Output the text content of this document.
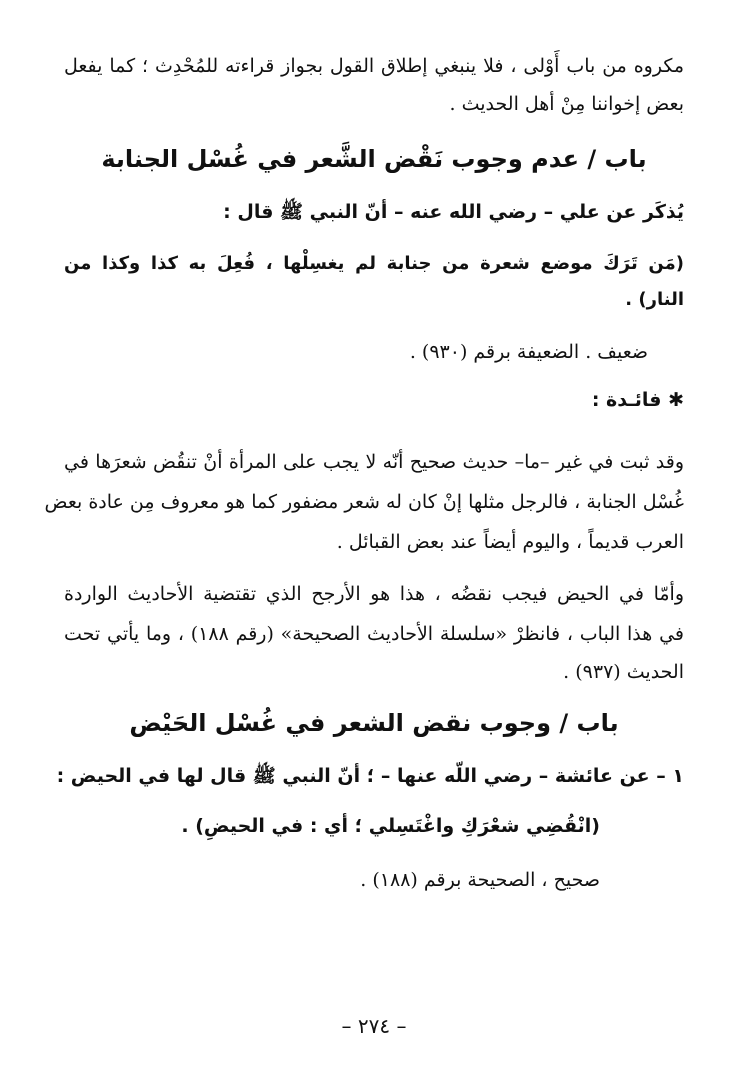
مكروه من باب أَوْلى ، فلا ينبغي إطلاق القول بجواز قراءته للمُحْدِث ؛ كما يفعل
بعض إخواننا مِنْ أهل الحديث .
باب / عدم وجوب نَقْض الشَّعر في غُسْل الجنابة
يُذكَر عن علي – رضي الله عنه – أنّ النبي ﷺ قال :
(مَن تَرَكَ موضع شعرة من جنابة لم يغسِلْها ، فُعِلَ به كذا وكذا من
النار) .
ضعيف . الضعيفة برقم (٩٣٠) .
✱ فائـدة :
وقد ثبت في غير –ما– حديث صحيح أنّه لا يجب على المرأة أنْ تنقُض شعرَها في
غُسْل الجنابة ، فالرجل مثلها إنْ كان له شعر مضفور كما هو معروف مِن عادة بعض
العرب قديماً ، واليوم أيضاً عند بعض القبائل .
وأمّا في الحيض فيجب نقضُه ، هذا هو الأرجح الذي تقتضية الأحاديث الواردة
في هذا الباب ، فانظرْ «سلسلة الأحاديث الصحيحة» (رقم ١٨٨) ، وما يأتي تحت
الحديث (٩٣٧) .
باب / وجوب نقض الشعر في غُسْل الحَيْض
١ – عن عائشة – رضي اللّه عنها – ؛ أنّ النبي ﷺ قال لها في الحيض :
(انْقُضِي شعْرَكِ واغْتَسِلي ؛ أي : في الحيضِ) .
صحيح ، الصحيحة برقم (١٨٨) .
– ٢٧٤ –
